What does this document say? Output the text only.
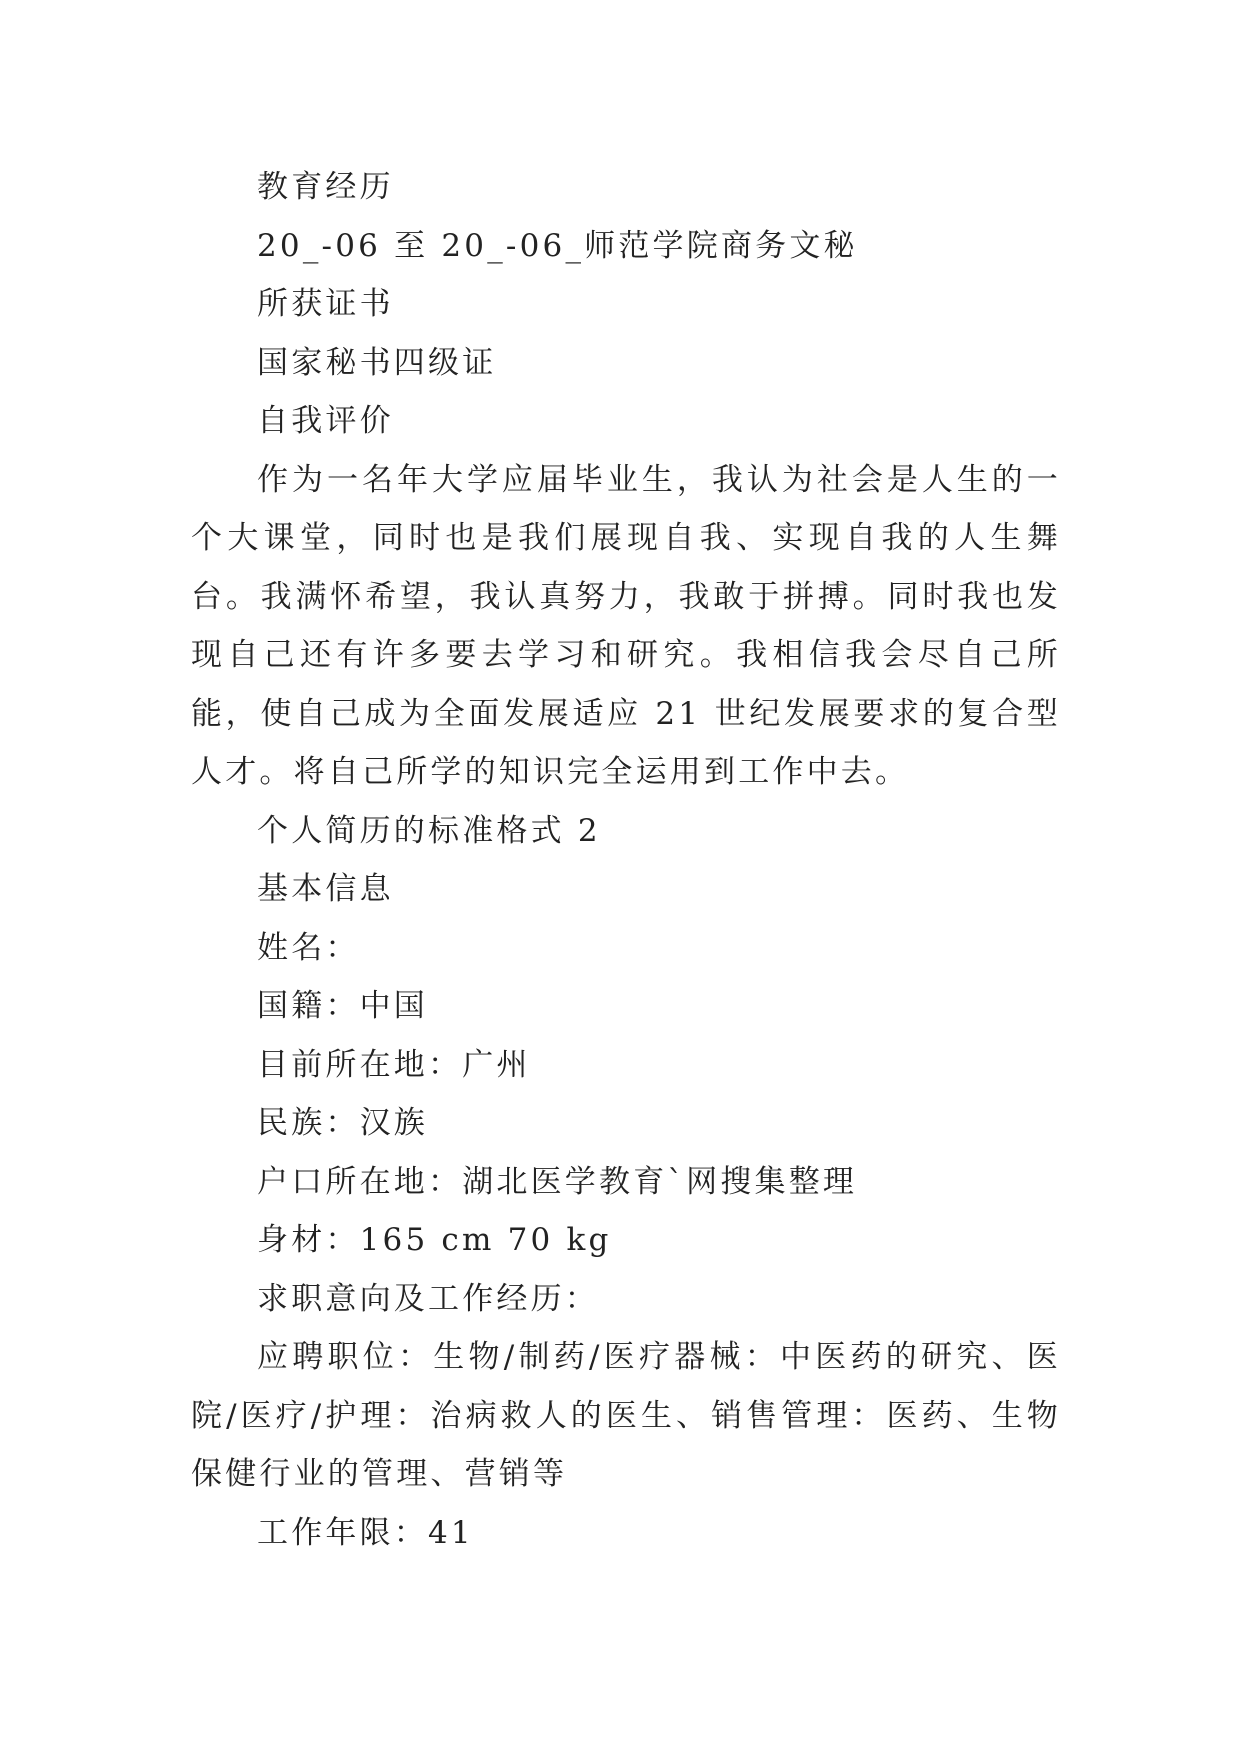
教育经历

20_-06 至 20_-06_师范学院商务文秘

所获证书

国家秘书四级证

自我评价

作为一名年大学应届毕业生，我认为社会是人生的一个大课堂，同时也是我们展现自我、实现自我的人生舞台。我满怀希望，我认真努力，我敢于拼搏。同时我也发现自己还有许多要去学习和研究。我相信我会尽自己所能，使自己成为全面发展适应 21 世纪发展要求的复合型人才。将自己所学的知识完全运用到工作中去。

个人简历的标准格式 2

基本信息

姓名：

国籍：中国

目前所在地：广州

民族：汉族

户口所在地：湖北医学教育`网搜集整理

身材：165 cm 70 kg

求职意向及工作经历：

应聘职位：生物/制药/医疗器械：中医药的研究、医院/医疗/护理：治病救人的医生、销售管理：医药、生物保健行业的管理、营销等

工作年限：41
